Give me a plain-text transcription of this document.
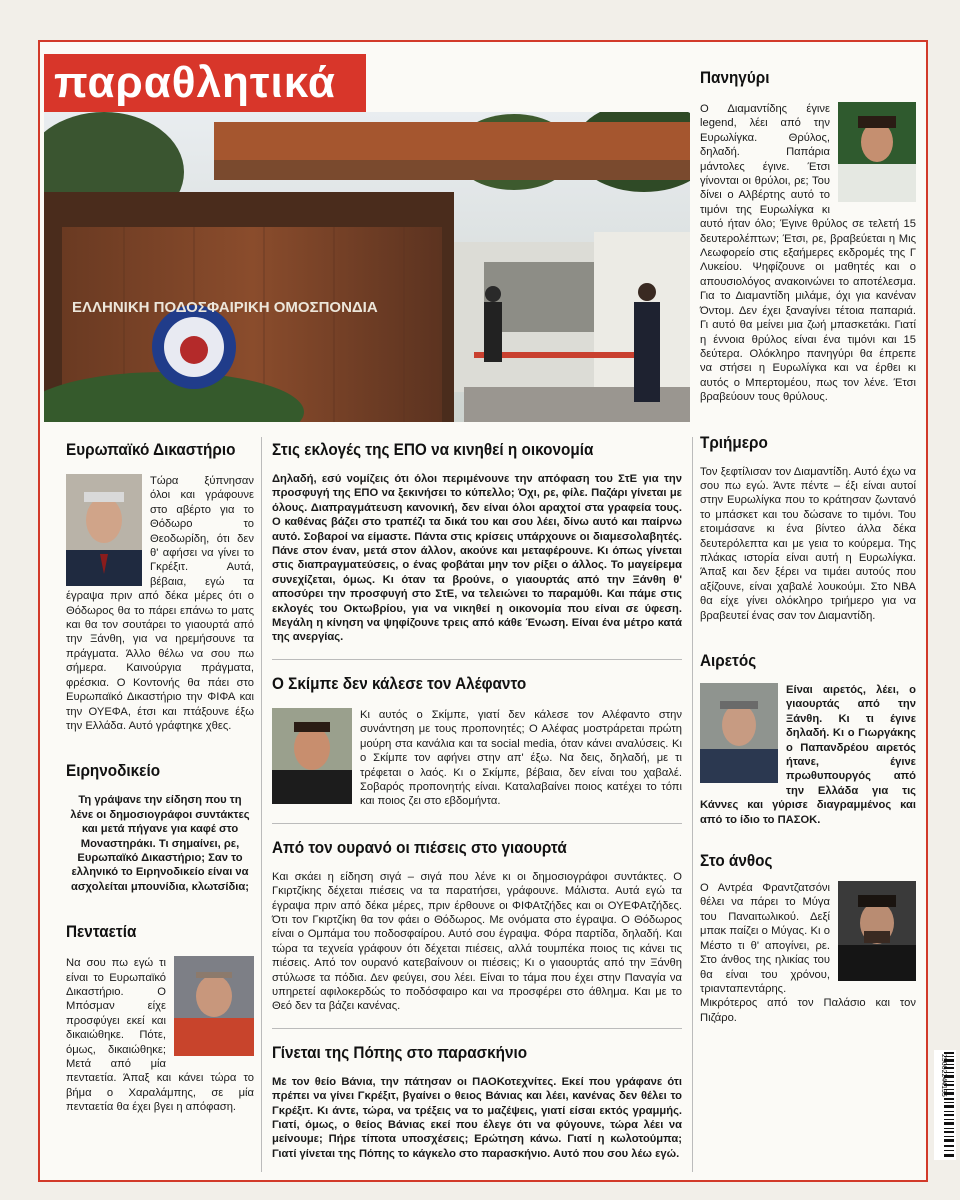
ΕΛΛΗΝΙΚΗ ΠΟΔΟΣΦΑΙΡΙΚΗ ΟΜΟΣΠΟΝΔΙΑ
παραθλητικά	Πανηγύρι

Ο Διαμαντίδης έγινε legend, λέει από την Ευρωλίγκα. Θρύλος, δηλαδή. Παπάρια μάντολες έγινε. Έτσι γίνονται οι θρύλοι, ρε; Του δίνει ο Αλβέρτης αυτό το τιμόνι της Ευρωλίγκα κι αυτό ήταν όλο; Έγινε θρύλος σε τελετή 15 δευτερολέπτων; Έτσι, ρε, βραβεύεται η Μις Λεωφορείο στις εξαήμερες εκδρομές της Γ Λυκείου. Ψηφίζουνε οι μαθητές και ο απουσιολόγος ανακοινώνει το αποτέλεσμα. Για το Διαμαντίδη μιλάμε, όχι για κανέναν Όντομ. Δεν έχει ξαναγίνει τέτοια παπαριά. Γι αυτό θα μείνει μια ζωή μπασκετάκι. Γιατί η έννοια θρύλος είναι ένα τιμόνι και 15 δεύτερα. Ολόκληρο πανηγύρι θα έπρεπε να στήσει η Ευρωλίγκα και να έρθει κι αυτός ο Μπερτομέου, πως τον λένε. Έτσι βραβεύουν τους θρύλους.

Τριήμερο

Τον ξεφτίλισαν τον Διαμαντίδη. Αυτό έχω να σου πω εγώ. Άντε πέντε – έξι είναι αυτοί στην Ευρωλίγκα που το κράτησαν ζωντανό το μπάσκετ και του δώσανε το τιμόνι. Του ετοιμάσανε κι ένα βίντεο άλλα δέκα δευτερόλεπτα και με γεια το κούρεμα. Της πλάκας ιστορία είναι αυτή η Ευρωλίγκα. Άπαξ και δεν ξέρει να τιμάει αυτούς που αξίζουνε, είναι χαβαλέ λουκούμι. Στο NBA θα είχε γίνει ολόκληρο τριήμερο για να βραβευτεί ένας σαν τον Διαμαντίδη.

Αιρετός

Είναι αιρετός, λέει, ο γιαουρτάς από την Ξάνθη. Κι τι έγινε δηλαδή. Κι ο Γιωργάκης ο Παπανδρέου αιρετός ήτανε, έγινε πρωθυπουργός από την Ελλάδα για τις Κάννες και γύρισε διαγραμμένος και από το ίδιο το ΠΑΣΟΚ.

Στο άνθος

Ο Αντρέα Φραντζατσόνι θέλει να πάρει το Μύγα του Παναιτωλικού. Δεξί μπακ παίζει ο Μύγας. Κι ο Μέστο τι θ' απογίνει, ρε. Στο άνθος της ηλικίας του θα είναι του χρόνου, τριανταπεντάρης. Μικρότερος από τον Παλάσιο και τον Πιζάρο.

Ευρωπαϊκό Δικαστήριο

Τώρα ξύπνησαν όλοι και γράφουνε στο αβέρτο για το Θόδωρο το Θεοδωρίδη, ότι δεν θ' αφήσει να γίνει το Γκρέξιτ. Αυτά, βέβαια, εγώ τα έγραψα πριν από δέκα μέρες ότι ο Θόδωρος θα το πάρει επάνω το ματς και θα τον σουτάρει το γιαουρτά από την Ξάνθη, για να ηρεμήσουνε τα πράγματα. Άλλο θέλω να σου πω σήμερα. Καινούργια πράγματα, φρέσκια. Ο Κοντονής θα πάει στο Ευρωπαϊκό Δικαστήριο την ΦΙΦΑ και την ΟΥΕΦΑ, έτσι και πτάξουνε έξω την Ελλάδα. Αυτό γράφτηκε χθες.

Ειρηνοδικείο

Τη γράψανε την είδηση που τη λένε οι δημοσιογράφοι συντάκτες και μετά πήγανε για καφέ στο Μοναστηράκι. Τι σημαίνει, ρε, Ευρωπαϊκό Δικαστήριο; Σαν το ελληνικό το Ειρηνοδικείο είναι να ασχολείται μπουνίδια, κλωτσίδια;

Πενταετία

Να σου πω εγώ τι είναι το Ευρωπαϊκό Δικαστήριο. Ο Μπόσμαν είχε προσφύγει εκεί και δικαιώθηκε. Πότε, όμως, δικαιώθηκε; Μετά από μία πενταετία. Άπαξ και κάνει τώρα το βήμα ο Χαραλάμπης, σε μία πενταετία θα έχει βγει η απόφαση.

Στις εκλογές της ΕΠΟ να κινηθεί η οικονομία

Δηλαδή, εσύ νομίζεις ότι όλοι περιμένουνε την απόφαση του ΣτΕ για την προσφυγή της ΕΠΟ να ξεκινήσει το κύπελλο; Όχι, ρε, φίλε. Παζάρι γίνεται με όλους. Διαπραγμάτευση κανονική, δεν είναι όλοι αραχτοί στα γραφεία τους. Ο καθένας βάζει στο τραπέζι τα δικά του και σου λέει, δίνω αυτό και παίρνω αυτό. Σοβαροί να είμαστε. Πάντα στις κρίσεις υπάρχουνε οι διαμεσολαβητές. Πάνε στον έναν, μετά στον άλλον, ακούνε και μεταφέρουνε. Κι όπως γίνεται στις διαπραγματεύσεις, ο ένας φοβάται μην τον ρίξει ο άλλος. Το μαγείρεμα συνεχίζεται, όμως. Κι όταν τα βρούνε, ο γιαουρτάς από την Ξάνθη θ' αποσύρει την προσφυγή στο ΣτΕ, να τελειώνει το παραμύθι. Και πάμε στις εκλογές του Οκτωβρίου, για να νικηθεί η οικονομία που είναι σε ύφεση. Μεγάλη η κίνηση να ψηφίζουνε τρεις από κάθε Ένωση. Είναι ένα μέτρο κατά της ανεργίας.

Ο Σκίμπε δεν κάλεσε τον Αλέφαντο

Κι αυτός ο Σκίμπε, γιατί δεν κάλεσε τον Αλέφαντο στην συνάντηση με τους προπονητές; Ο Αλέφας μοστράρεται πρώτη μούρη στα κανάλια και τα social media, όταν κάνει αναλύσεις. Κι ο Σκίμπε τον αφήνει στην απ' έξω. Να δεις, δηλαδή, με τι τρέφεται ο λαός. Κι ο Σκίμπε, βέβαια, δεν είναι του χαβαλέ. Σοβαρός προπονητής είναι. Καταλαβαίνει ποιος κατέχει το τόπι και ποιος ζει στο εβδομήντα.

Από τον ουρανό οι πιέσεις στο γιαουρτά

Και σκάει η είδηση σιγά – σιγά που λένε κι οι δημοσιογράφοι συντάκτες. Ο Γκιρτζίκης δέχεται πιέσεις να τα παρατήσει, γράφουνε. Μάλιστα. Αυτά εγώ τα έγραψα πριν από δέκα μέρες, πριν έρθουνε οι ΦΙΦΑτζήδες και οι ΟΥΕΦΑτζήδες. Ότι τον Γκιρτζίκη θα τον φάει ο Θόδωρος. Με ονόματα στο έγραψα. Ο Θόδωρος είναι ο Ομπάμα του ποδοσφαίρου. Αυτό σου έγραψα. Φόρα παρτίδα, δηλαδή. Και τώρα τα τεχνεία γράφουν ότι δέχεται πιέσεις, αλλά τουμπέκα ποιος τις κάνει τις πιέσεις. Από τον ουρανό κατεβαίνουν οι πιέσεις; Κι ο γιαουρτάς από την Ξάνθη στύλωσε τα πόδια. Δεν φεύγει, σου λέει. Είναι το τάμα που έχει στην Παναγία να υπηρετεί αφιλοκερδώς το ποδόσφαιρο και να προσφέρει στο άθλημα. Και με το Θεό δεν τα βάζει κανένας.

Γίνεται της Πόπης στο παρασκήνιο

Με τον θείο Βάνια, την πάτησαν οι ΠΑΟΚοτεχνίτες. Εκεί που γράφανε ότι πρέπει να γίνει Γκρέξιτ, βγαίνει ο θειος Βάνιας και λέει, κανένας δεν θέλει το Γκρέξιτ. Κι άντε, τώρα, να τρέξεις να το μαζέψεις, γιατί είσαι εκτός γραμμής. Γιατί, όμως, ο θείος Βάνιας εκεί που έλεγε ότι να φύγουνε, τώρα λέει να μείνουμε; Πήρε τίποτα υποσχέσεις; Ερώτηση κάνω. Γιατί η κωλοτούμπα; Γιατί γίνεται της Πόπης το κάγκελο στο παρασκήνιο. Αυτό που σου λέω εγώ.

25002244135
